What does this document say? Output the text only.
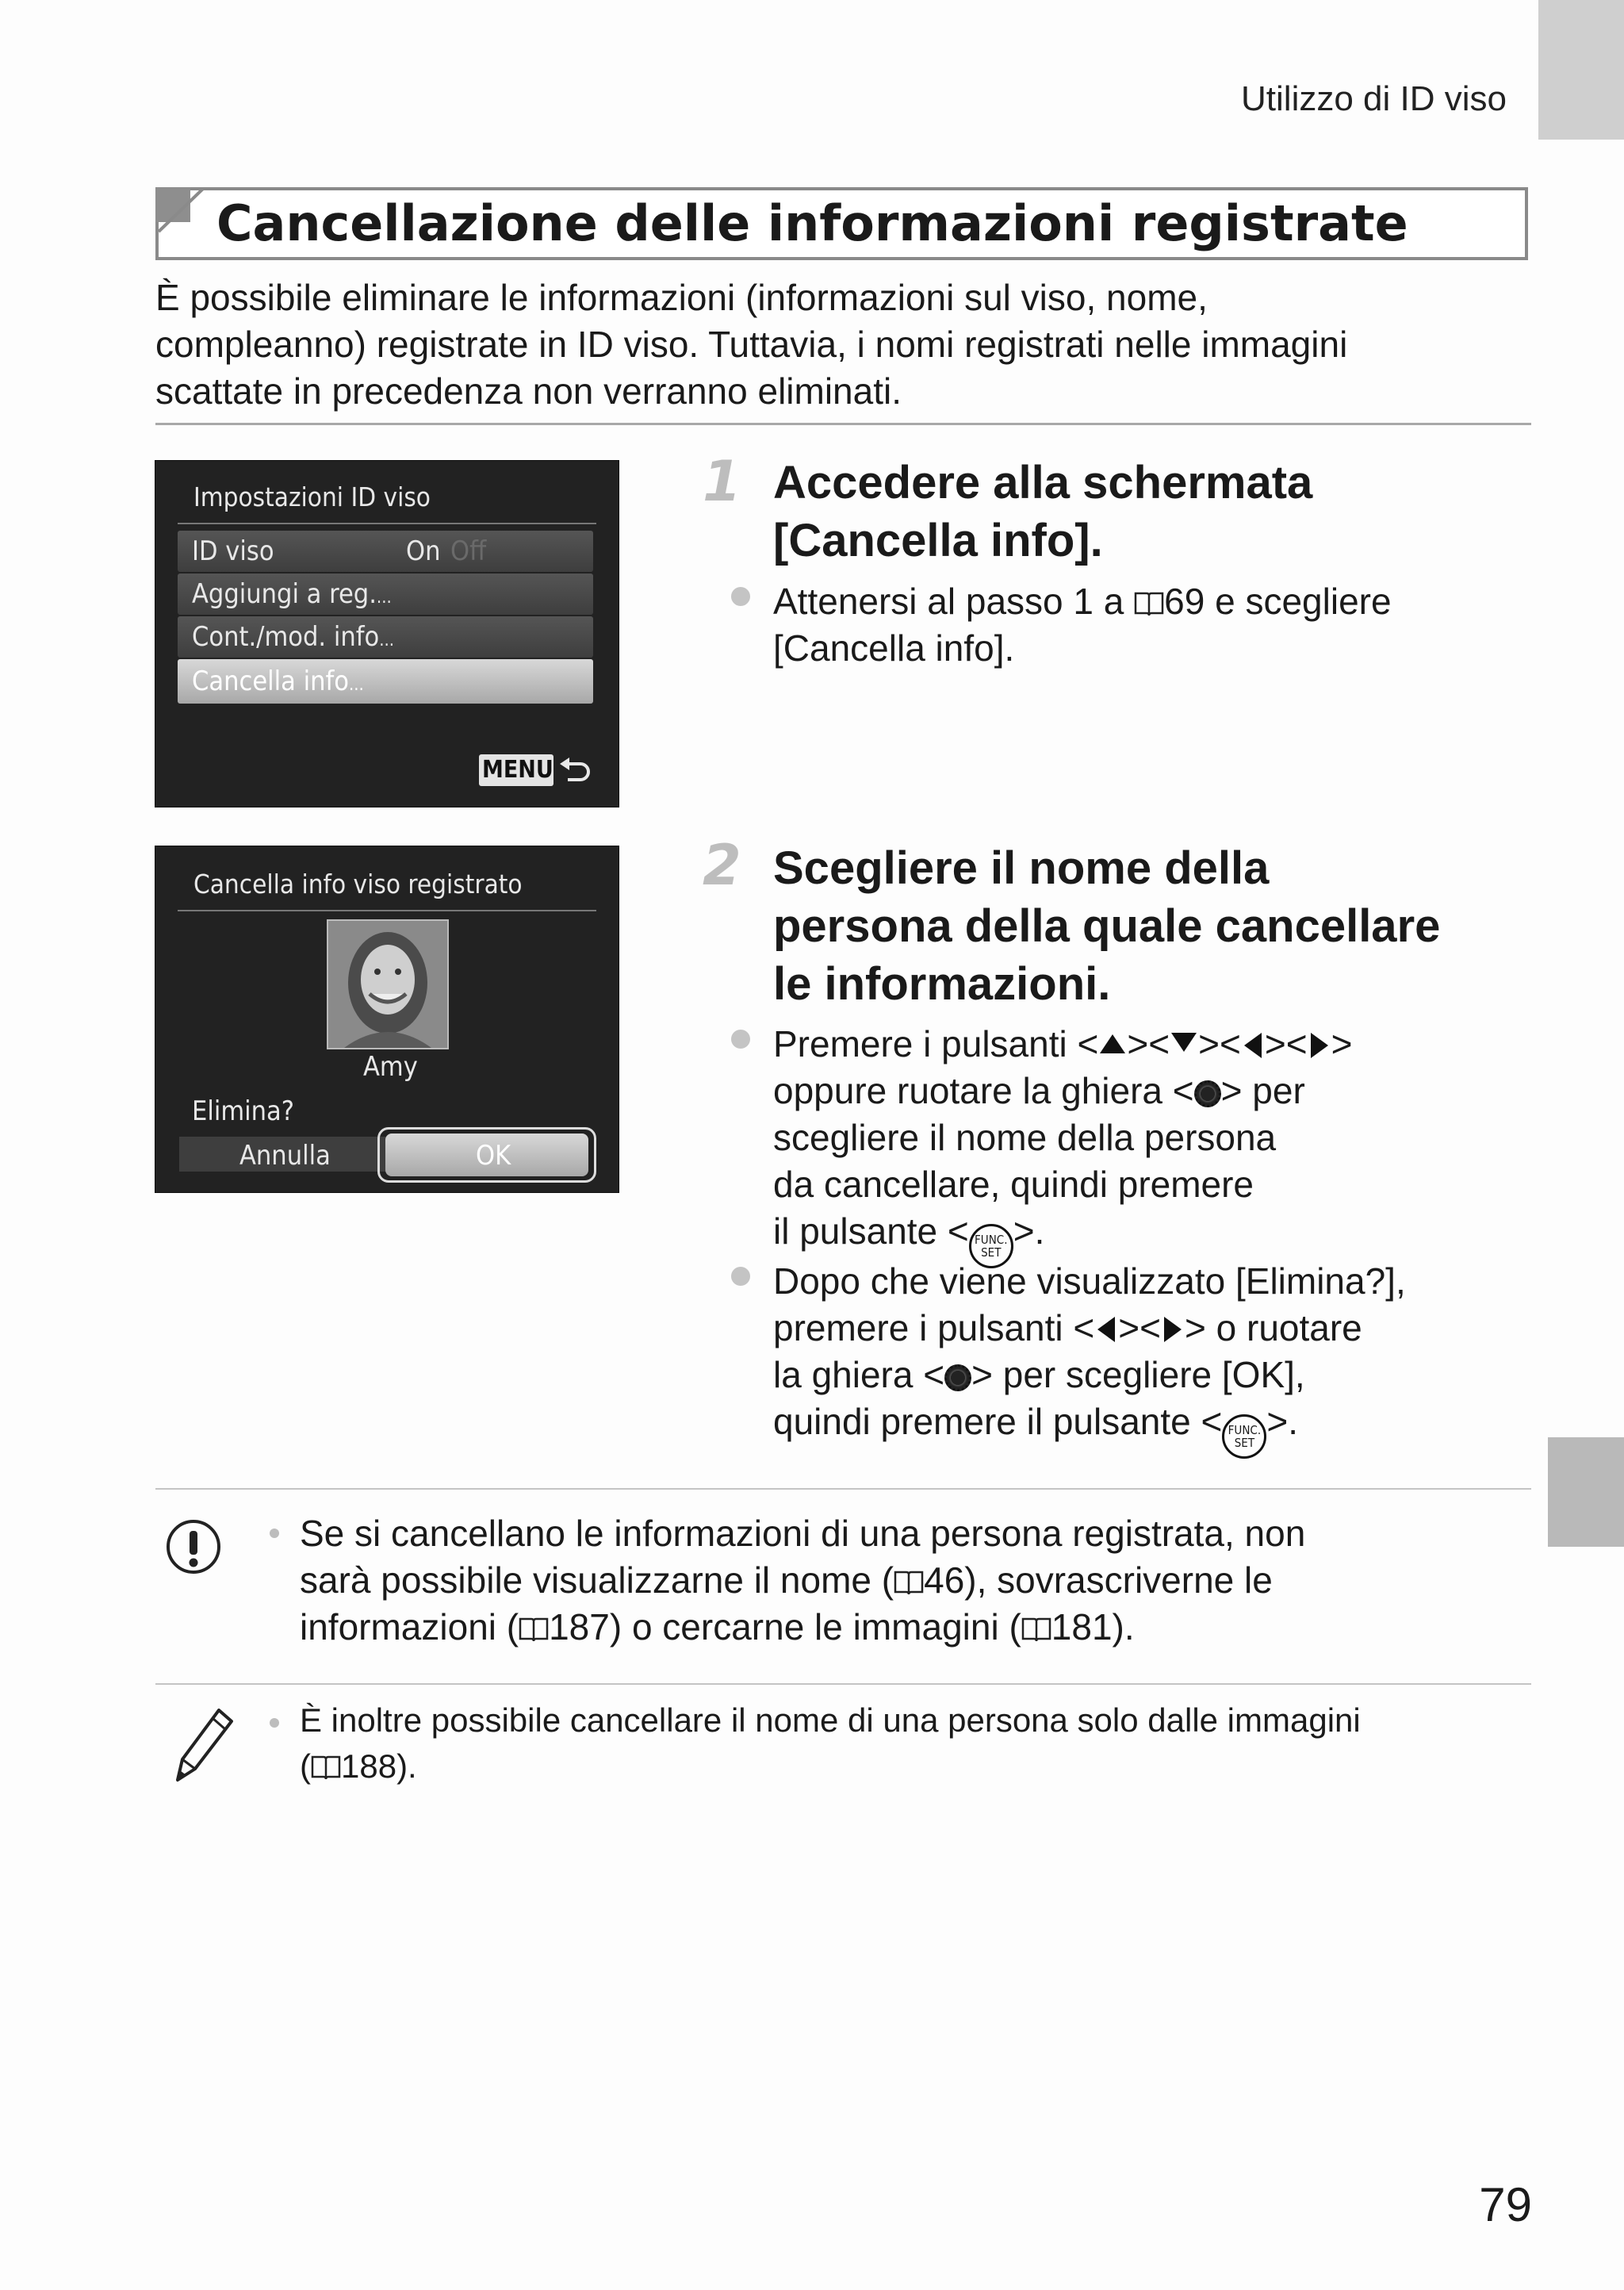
Utilizzo di ID viso
Cancellazione delle informazioni registrate
È possibile eliminare le informazioni (informazioni sul viso, nome,
compleanno) registrate in ID viso. Tuttavia, i nomi registrati nelle immagini
scattate in precedenza non verranno eliminati.
Impostazioni ID viso
ID viso	On Off
Aggiungi a reg....
Cont./mod. info...
Cancella info...
MENU
Cancella info viso registrato
Amy
Elimina?
Annulla	OK
1 Accedere alla schermata
[Cancella info].
Attenersi al passo 1 a 69 e scegliere
[Cancella info].
2 Scegliere il nome della
persona della quale cancellare
le informazioni.
Premere i pulsanti < >< >< >< >
oppure ruotare la ghiera < > per
scegliere il nome della persona
da cancellare, quindi premere
il pulsante < FUNC.
SET>.
Dopo che viene visualizzato [Elimina?],
premere i pulsanti < >< > o ruotare
la ghiera < > per scegliere [OK],
quindi premere il pulsante < FUNC.
SET>.
Se si cancellano le informazioni di una persona registrata, non
sarà possibile visualizzarne il nome ( 46), sovrascriverne le
informazioni ( 187) o cercarne le immagini ( 181).
È inoltre possibile cancellare il nome di una persona solo dalle immagini
( 188).
79
